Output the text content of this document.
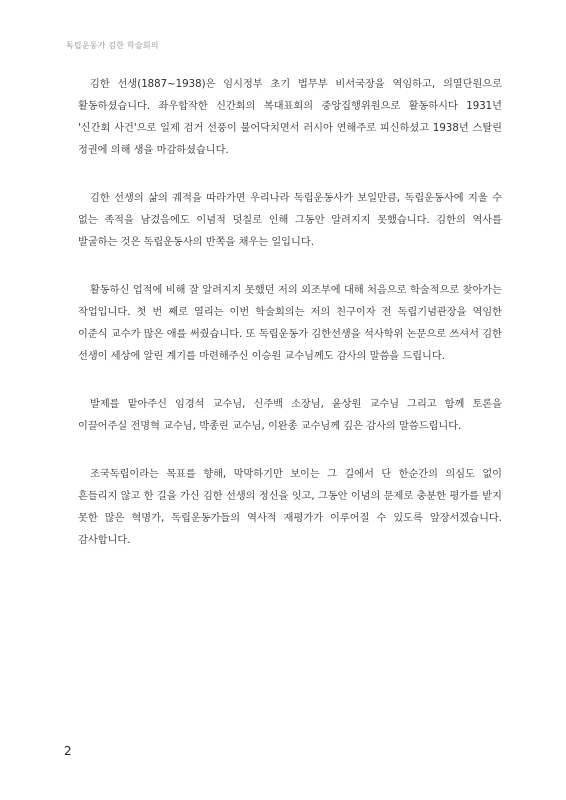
독립운동가 김한 학술회의

김한 선생(1887~1938)은 임시정부 초기 법무부 비서국장을 역임하고, 의열단원으로 활동하셨습니다. 좌우합작한 신간회의 복대표회의 중앙집행위원으로 활동하시다 1931년 '신간회 사건'으로 일제 검거 선풍이 불어닥치면서 러시아 연해주로 피신하셨고 1938년 스탈린 정권에 의해 생을 마감하셨습니다.

김한 선생의 삶의 궤적을 따라가면 우리나라 독립운동사가 보일만큼, 독립운동사에 지울 수 없는 족적을 남겼음에도 이념적 덧칠로 인해 그동안 알려지지 못했습니다. 김한의 역사를 발굴하는 것은 독립운동사의 반쪽을 채우는 일입니다.

활동하신 업적에 비해 잘 알려지지 못했던 저의 외조부에 대해 처음으로 학술적으로 찾아가는 작업입니다. 첫 번 째로 열리는 이번 학술회의는 저의 친구이자 전 독립기념관장을 역임한 이준식 교수가 많은 애를 써줬습니다. 또 독립운동가 김한선생을 석사학위 논문으로 쓰셔서 김한 선생이 세상에 알린 계기를 마련해주신 이승원 교수님께도 감사의 말씀을 드립니다.

발제를 맡아주신 임경석 교수님, 신주백 소장님, 윤상원 교수님 그리고 함께 토론을 이끌어주실 전명혁 교수님, 박종린 교수님, 이완종 교수님께 깊은 감사의 말씀드립니다.

조국독립이라는 목표를 향해, 막막하기만 보이는 그 길에서 단 한순간의 의심도 없이 흔들리지 않고 한 길을 가신 김한 선생의 정신을 잇고, 그동안 이념의 문제로 충분한 평가를 받지 못한 많은 혁명가, 독립운동가들의 역사적 재평가가 이루어질 수 있도록 앞장서겠습니다. 감사합니다.

2
